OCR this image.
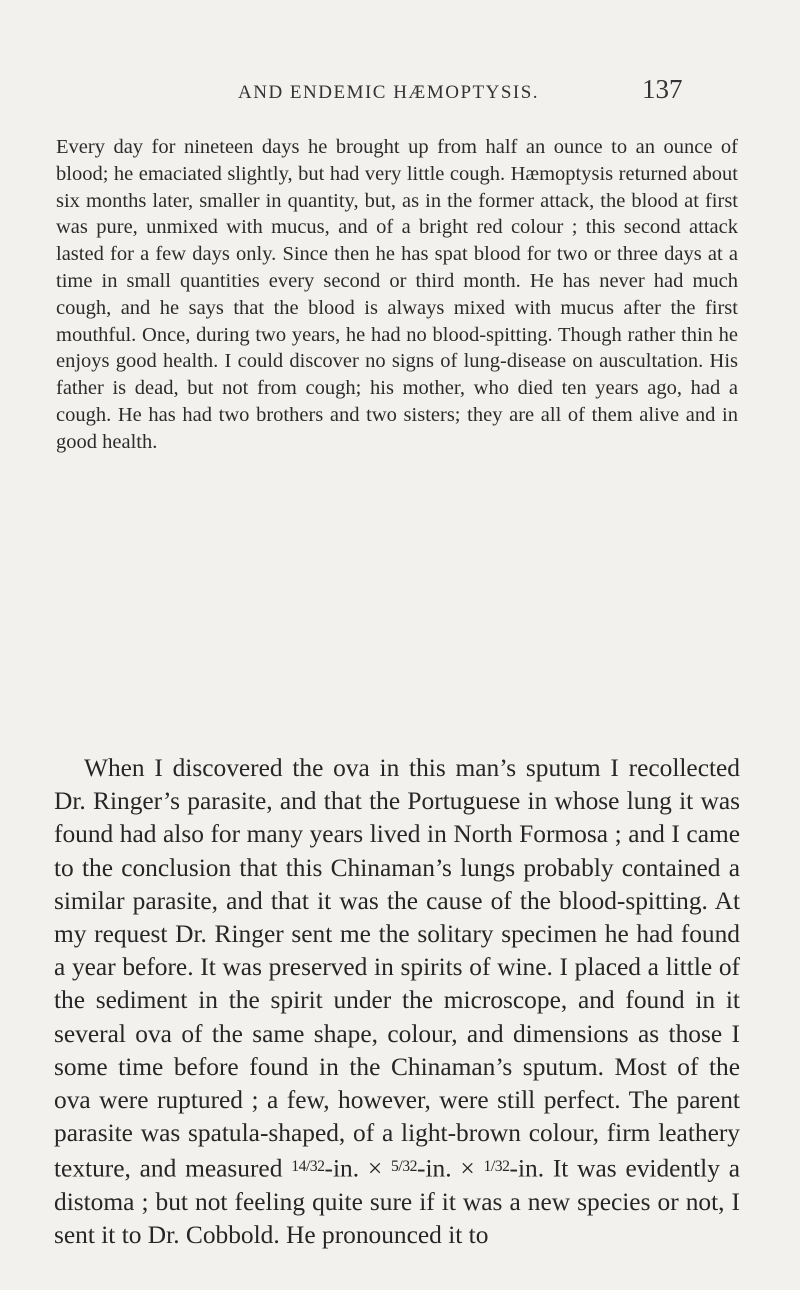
AND ENDEMIC HÆMOPTYSIS.	137

Every day for nineteen days he brought up from half an ounce to an ounce of blood; he emaciated slightly, but had very little cough. Hæmoptysis returned about six months later, smaller in quantity, but, as in the former attack, the blood at first was pure, unmixed with mucus, and of a bright red colour ; this second attack lasted for a few days only. Since then he has spat blood for two or three days at a time in small quantities every second or third month. He has never had much cough, and he says that the blood is always mixed with mucus after the first mouthful. Once, during two years, he had no blood-spitting. Though rather thin he enjoys good health. I could discover no signs of lung-disease on auscultation. His father is dead, but not from cough; his mother, who died ten years ago, had a cough. He has had two brothers and two sisters; they are all of them alive and in good health.

When I discovered the ova in this man’s sputum I recollected Dr. Ringer’s parasite, and that the Portuguese in whose lung it was found had also for many years lived in North Formosa ; and I came to the conclusion that this Chinaman’s lungs probably contained a similar parasite, and that it was the cause of the blood-spitting. At my request Dr. Ringer sent me the solitary specimen he had found a year before. It was preserved in spirits of wine. I placed a little of the sediment in the spirit under the microscope, and found in it several ova of the same shape, colour, and dimensions as those I some time before found in the Chinaman’s sputum. Most of the ova were ruptured ; a few, however, were still perfect. The parent parasite was spatula-shaped, of a light-brown colour, firm leathery texture, and measured $^{14/32}$-in. × $^{5/32}$-in. × $^{1/32}$-in. It was evidently a distoma ; but not feeling quite sure if it was a new species or not, I sent it to Dr. Cobbold. He pronounced it to
